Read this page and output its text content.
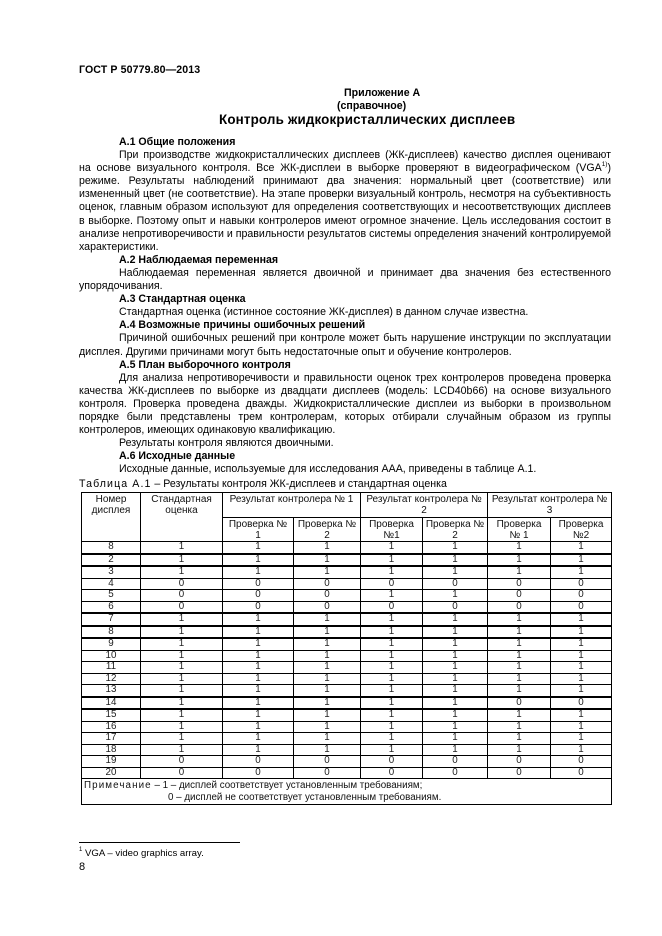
ГОСТ Р 50779.80—2013
Приложение А
(справочное)
Контроль жидкокристаллических дисплеев
А.1 Общие положения
При производстве жидкокристаллических дисплеев (ЖК-дисплеев) качество дисплея оценивают на основе визуального контроля. Все ЖК-дисплеи в выборке проверяют в видеографическом (VGA$^{1)}$) режиме. Результаты наблюдений принимают два значения: нормальный цвет (соответствие) или измененный цвет (не соответствие). На этапе проверки визуальный контроль, несмотря на субъективность оценок, главным образом используют для определения соответствующих и несоответствующих дисплеев в выборке. Поэтому опыт и навыки контролеров имеют огромное значение. Цель исследования состоит в анализе непротиворечивости и правильности результатов системы определения значений контролируемой характеристики.
А.2 Наблюдаемая переменная
Наблюдаемая переменная является двоичной и принимает два значения без естественного упорядочивания.
А.3 Стандартная оценка
Стандартная оценка (истинное состояние ЖК-дисплея) в данном случае известна.
А.4 Возможные причины ошибочных решений
Причиной ошибочных решений при контроле может быть нарушение инструкции по эксплуатации дисплея. Другими причинами могут быть недостаточные опыт и обучение контролеров.
А.5 План выборочного контроля
Для анализа непротиворечивости и правильности оценок трех контролеров проведена проверка качества ЖК-дисплеев по выборке из двадцати дисплеев (модель: LCD40b66) на основе визуального контроля. Проверка проведена дважды. Жидкокристаллические дисплеи из выборки в произвольном порядке были представлены трем контролерам, которых отбирали случайным образом из группы контролеров, имеющих одинаковую квалификацию.
Результаты контроля являются двоичными.
А.6 Исходные данные
Исходные данные, используемые для исследования ААА, приведены в таблице А.1.
Таблица А.1 – Результаты контроля ЖК-дисплеев и стандартная оценка
Номер дисплея	Стандартная оценка	Результат контролера № 1		Результат контролера № 2		Результат контролера № 3	
		Проверка № 1	Проверка № 2	Проверка №1	Проверка № 2	Проверка № 1	Проверка №2
8	1	1	1	1	1	1	1
2	1	1	1	1	1	1	1
3	1	1	1	1	1	1	1
4	0	0	0	0	0	0	0
5	0	0	0	1	1	0	0
6	0	0	0	0	0	0	0
7	1	1	1	1	1	1	1
8	1	1	1	1	1	1	1
9	1	1	1	1	1	1	1
10	1	1	1	1	1	1	1
11	1	1	1	1	1	1	1
12	1	1	1	1	1	1	1
13	1	1	1	1	1	1	1
14	1	1	1	1	1	0	0
15	1	1	1	1	1	1	1
16	1	1	1	1	1	1	1
17	1	1	1	1	1	1	1
18	1	1	1	1	1	1	1
19	0	0	0	0	0	0	0
20	0	0	0	0	0	0	0

Примечание – 1 – дисплей соответствует установленным требованиям;
0 – дисплей не соответствует установленным требованиям.							
$^1$ VGA – video graphics array.
8
